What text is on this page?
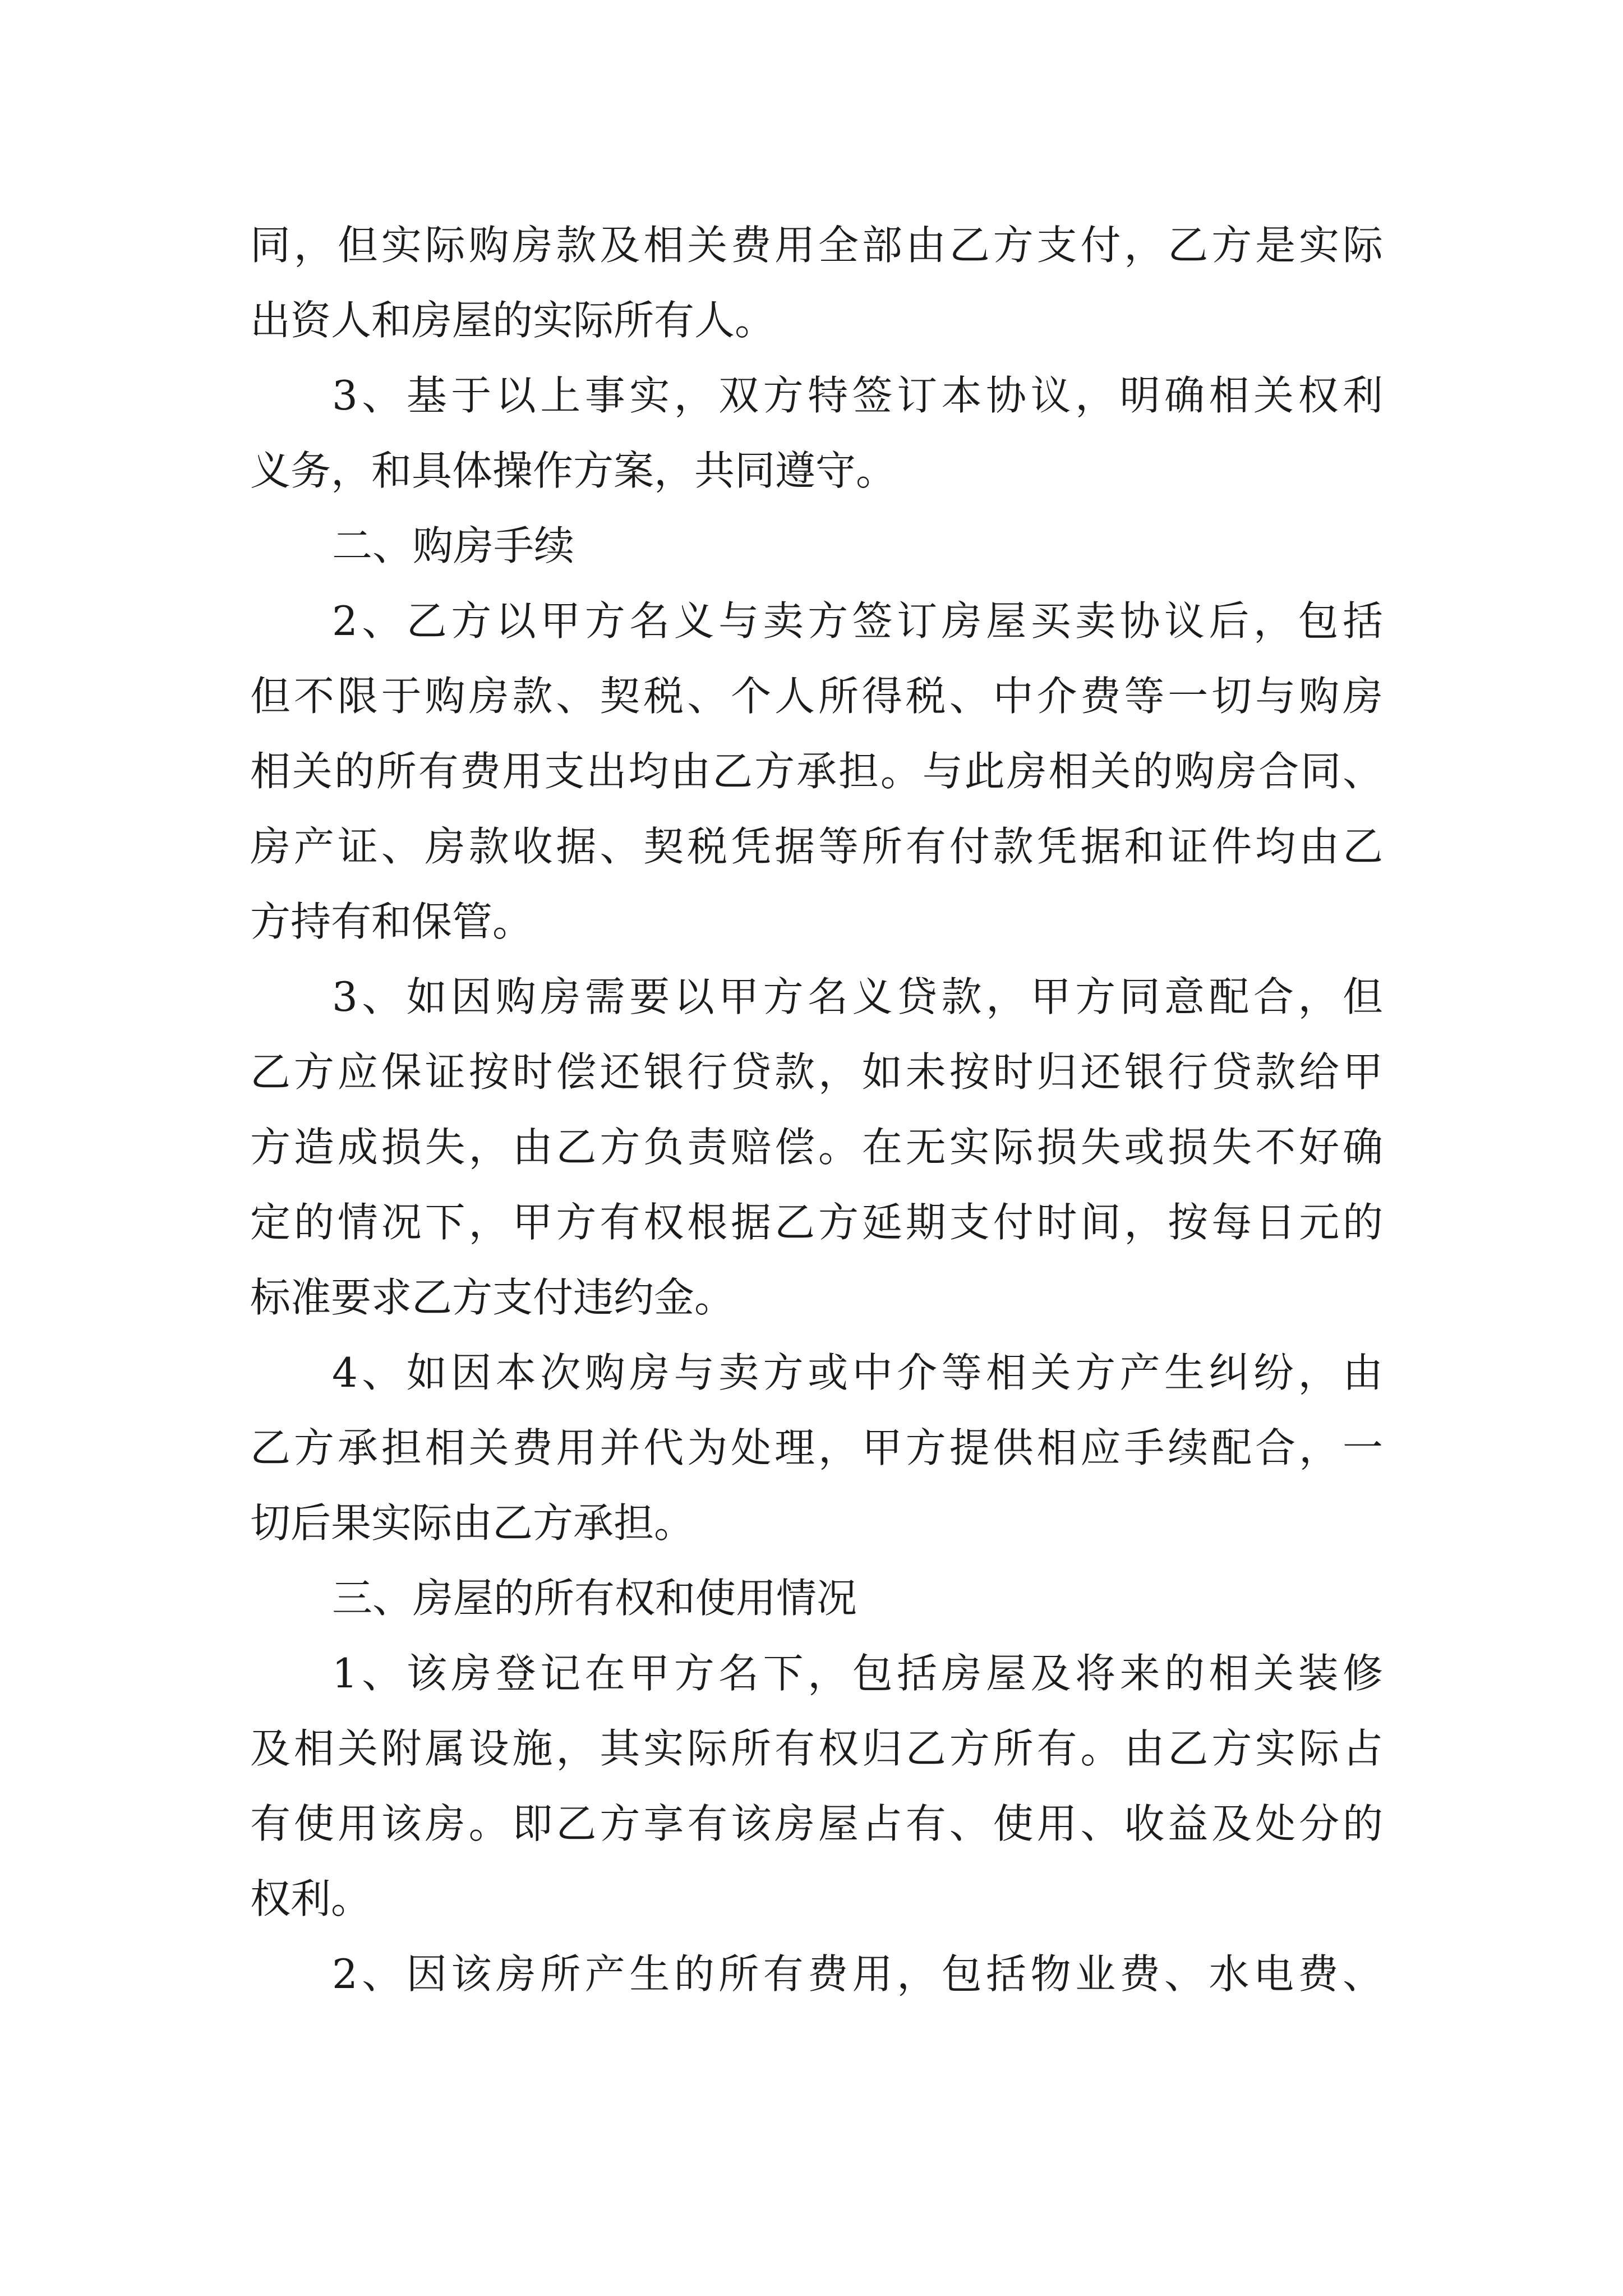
同，但实际购房款及相关费用全部由乙方支付，乙方是实际
出资人和房屋的实际所有人。
3、基于以上事实，双方特签订本协议，明确相关权利
义务，和具体操作方案，共同遵守。
二、购房手续
2、乙方以甲方名义与卖方签订房屋买卖协议后，包括
但不限于购房款、契税、个人所得税、中介费等一切与购房
相关的所有费用支出均由乙方承担。与此房相关的购房合同、
房产证、房款收据、契税凭据等所有付款凭据和证件均由乙
方持有和保管。
3、如因购房需要以甲方名义贷款，甲方同意配合，但
乙方应保证按时偿还银行贷款，如未按时归还银行贷款给甲
方造成损失，由乙方负责赔偿。在无实际损失或损失不好确
定的情况下，甲方有权根据乙方延期支付时间，按每日元的
标准要求乙方支付违约金。
4、如因本次购房与卖方或中介等相关方产生纠纷，由
乙方承担相关费用并代为处理，甲方提供相应手续配合，一
切后果实际由乙方承担。
三、房屋的所有权和使用情况
1、该房登记在甲方名下，包括房屋及将来的相关装修
及相关附属设施，其实际所有权归乙方所有。由乙方实际占
有使用该房。即乙方享有该房屋占有、使用、收益及处分的
权利。
2、因该房所产生的所有费用，包括物业费、水电费、
